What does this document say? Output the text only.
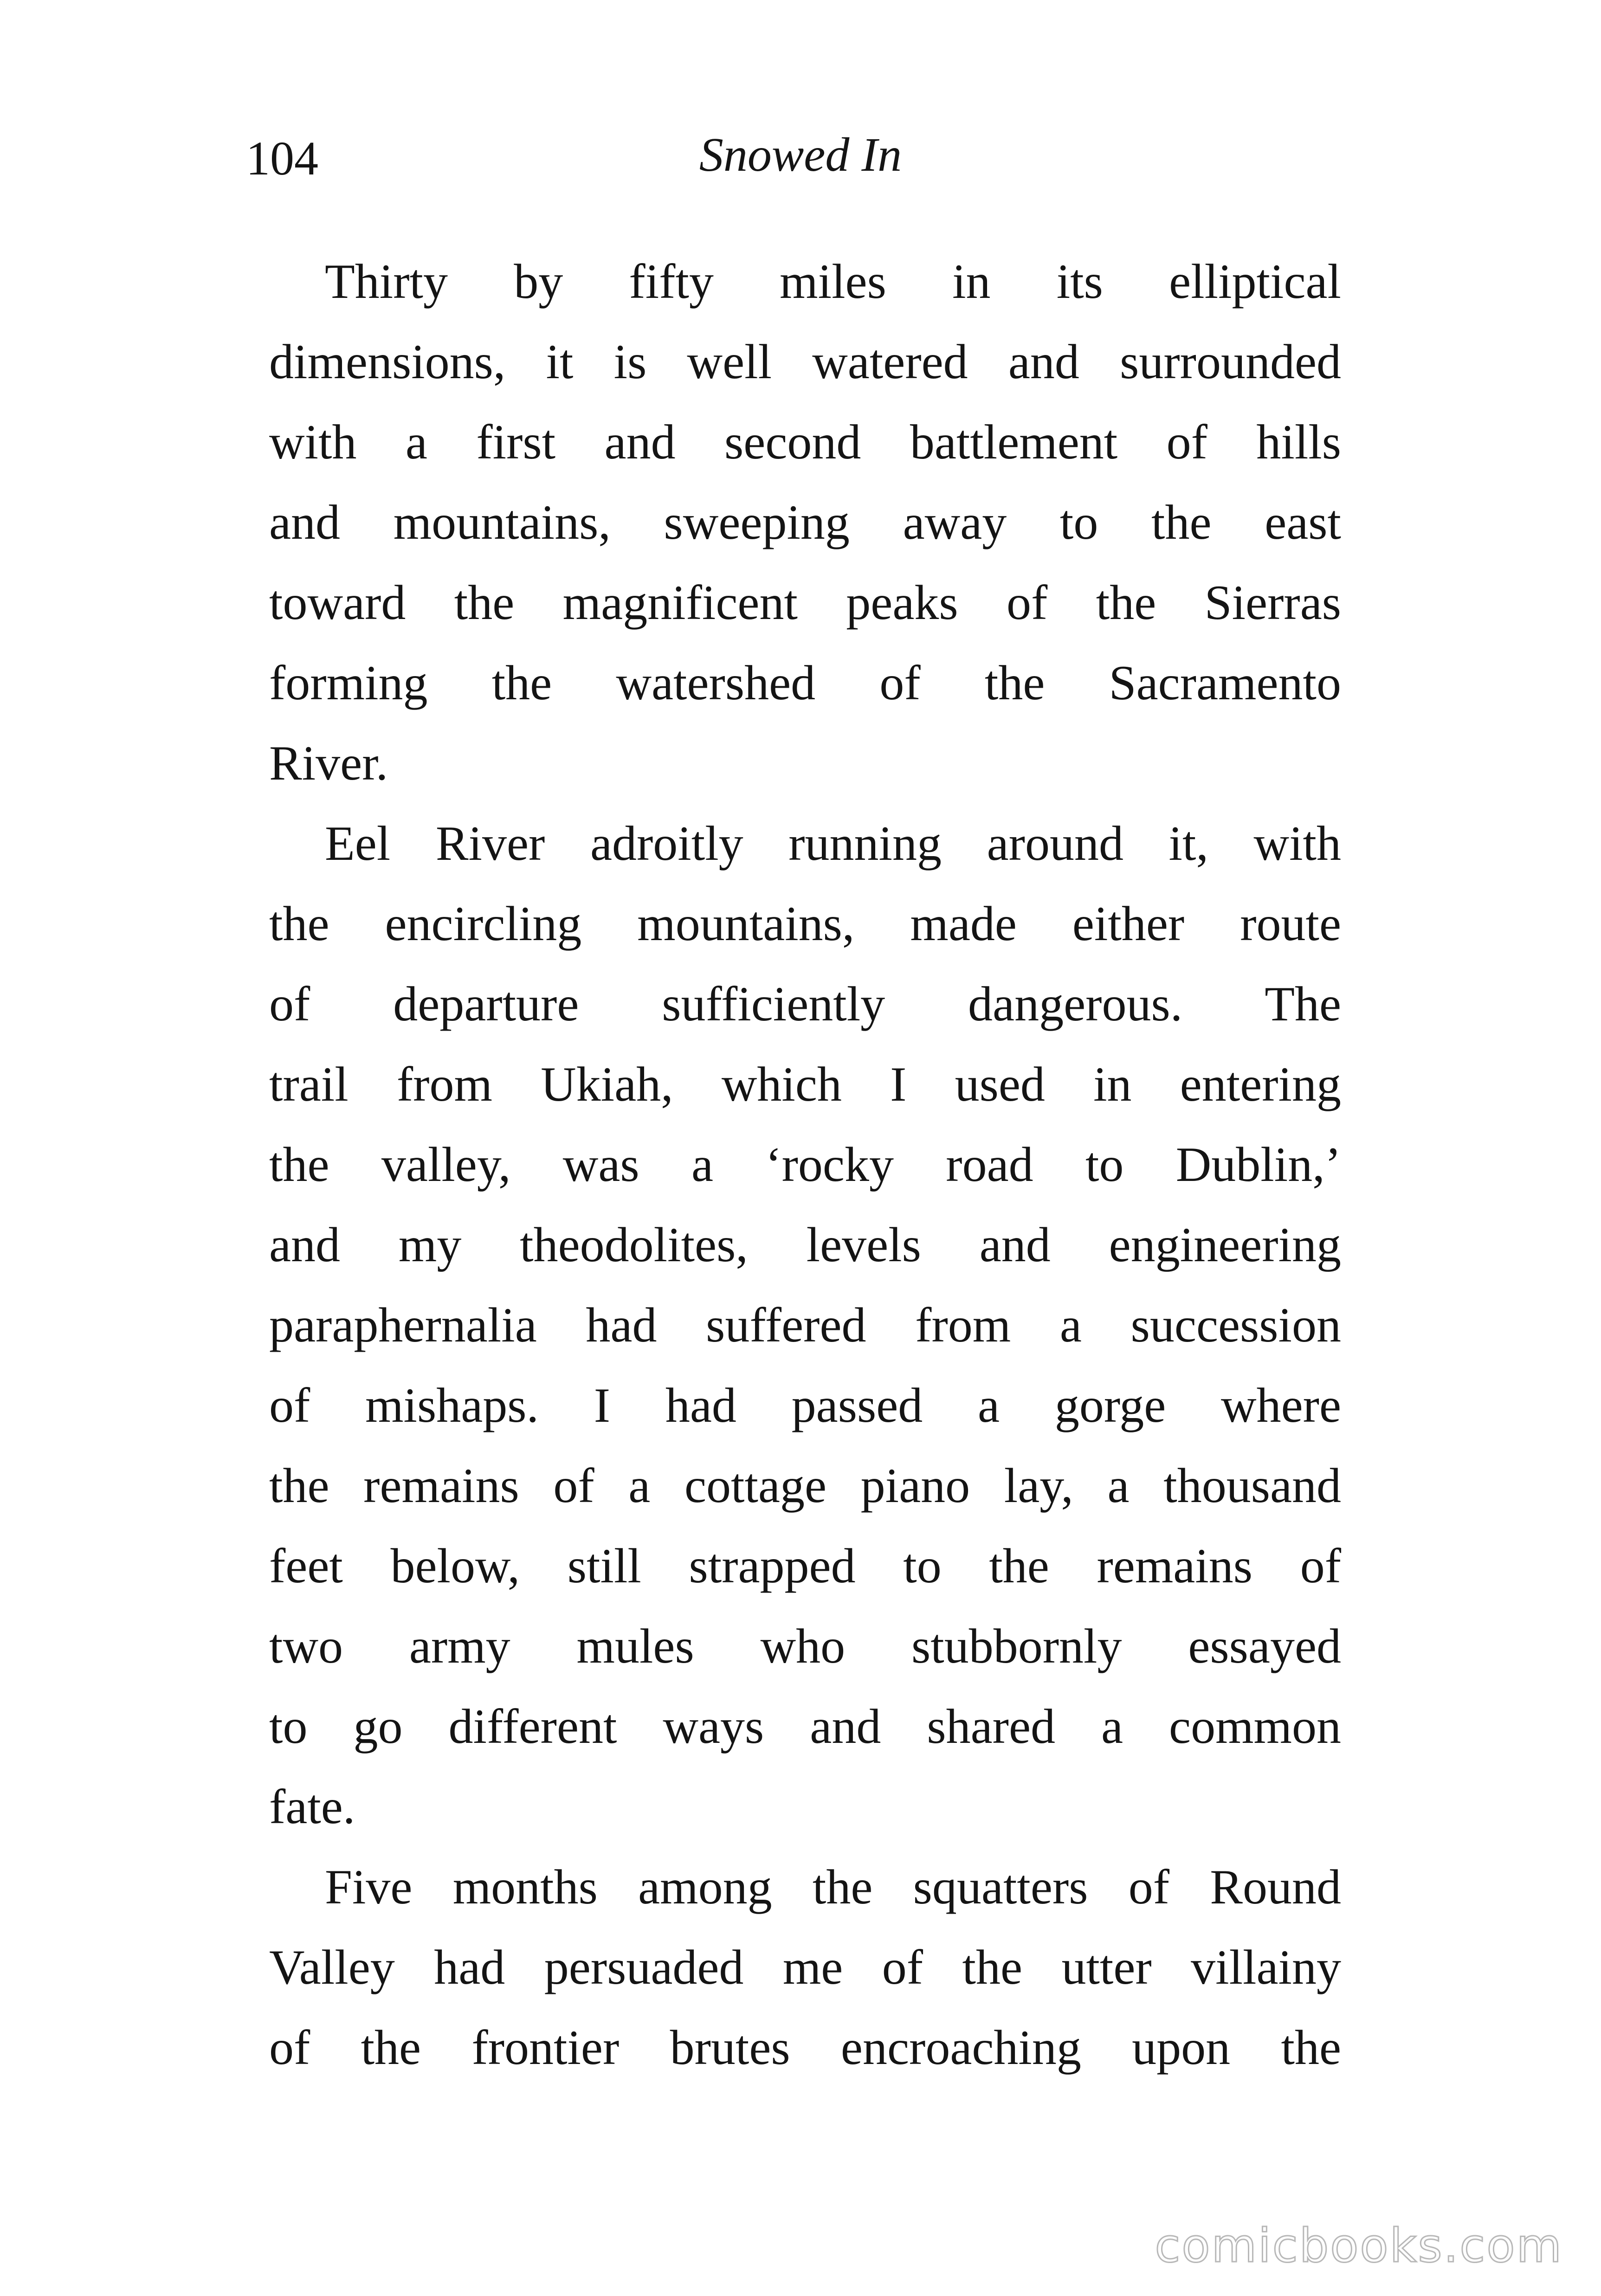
104	Snowed In

Thirty by fifty miles in its elliptical
dimensions, it is well watered and surrounded
with a first and second battlement of hills
and mountains, sweeping away to the east
toward the magnificent peaks of the Sierras
forming the watershed of the Sacramento
River.

Eel River adroitly running around it, with
the encircling mountains, made either route
of departure sufficiently dangerous. The
trail from Ukiah, which I used in entering
the valley, was a ‘rocky road to Dublin,’
and my theodolites, levels and engineering
paraphernalia had suffered from a succession
of mishaps. I had passed a gorge where
the remains of a cottage piano lay, a thousand
feet below, still strapped to the remains of
two army mules who stubbornly essayed
to go different ways and shared a common
fate.

Five months among the squatters of Round
Valley had persuaded me of the utter villainy
of the frontier brutes encroaching upon the

comicbooks.com
